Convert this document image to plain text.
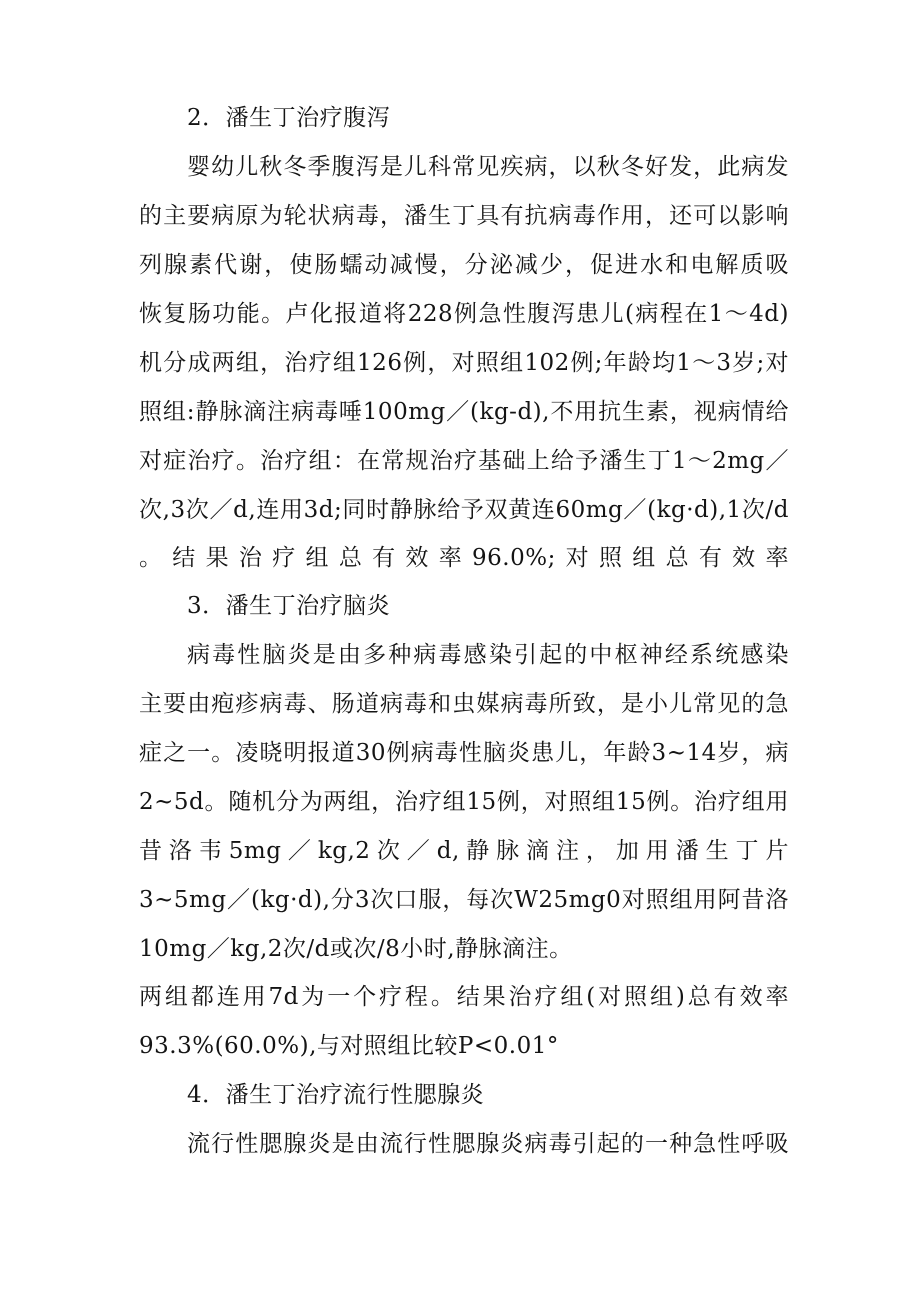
2．潘生丁治疗腹泻
婴幼儿秋冬季腹泻是儿科常见疾病，以秋冬好发，此病发
的主要病原为轮状病毒，潘生丁具有抗病毒作用，还可以影响
列腺素代谢，使肠蠕动减慢，分泌减少，促进水和电解质吸
恢复肠功能。卢化报道将228例急性腹泻患儿(病程在1～4d)
机分成两组，治疗组126例，对照组102例;年龄均1～3岁;对
照组:静脉滴注病毒唾100mg／(kg-d),不用抗生素，视病情给
对症治疗。治疗组：在常规治疗基础上给予潘生丁1～2mg／
次,3次／d,连用3d;同时静脉给予双黄连60mg／(kg·d),1次/d
。结果治疗组总有效率96.0%;对照组总有效率
3．潘生丁治疗脑炎
病毒性脑炎是由多种病毒感染引起的中枢神经系统感染
主要由疱疹病毒、肠道病毒和虫媒病毒所致，是小儿常见的急
症之一。凌晓明报道30例病毒性脑炎患儿，年龄3~14岁，病
2~5d。随机分为两组，治疗组15例，对照组15例。治疗组用
昔洛韦5mg／kg,2次／d,静脉滴注，加用潘生丁片
3~5mg／(kg·d),分3次口服，每次W25mg0对照组用阿昔洛
10mg／kg,2次/d或次/8小时,静脉滴注。
两组都连用7d为一个疗程。结果治疗组(对照组)总有效率
93.3%(60.0%),与对照组比较P<0.01°
4．潘生丁治疗流行性腮腺炎
流行性腮腺炎是由流行性腮腺炎病毒引起的一种急性呼吸
